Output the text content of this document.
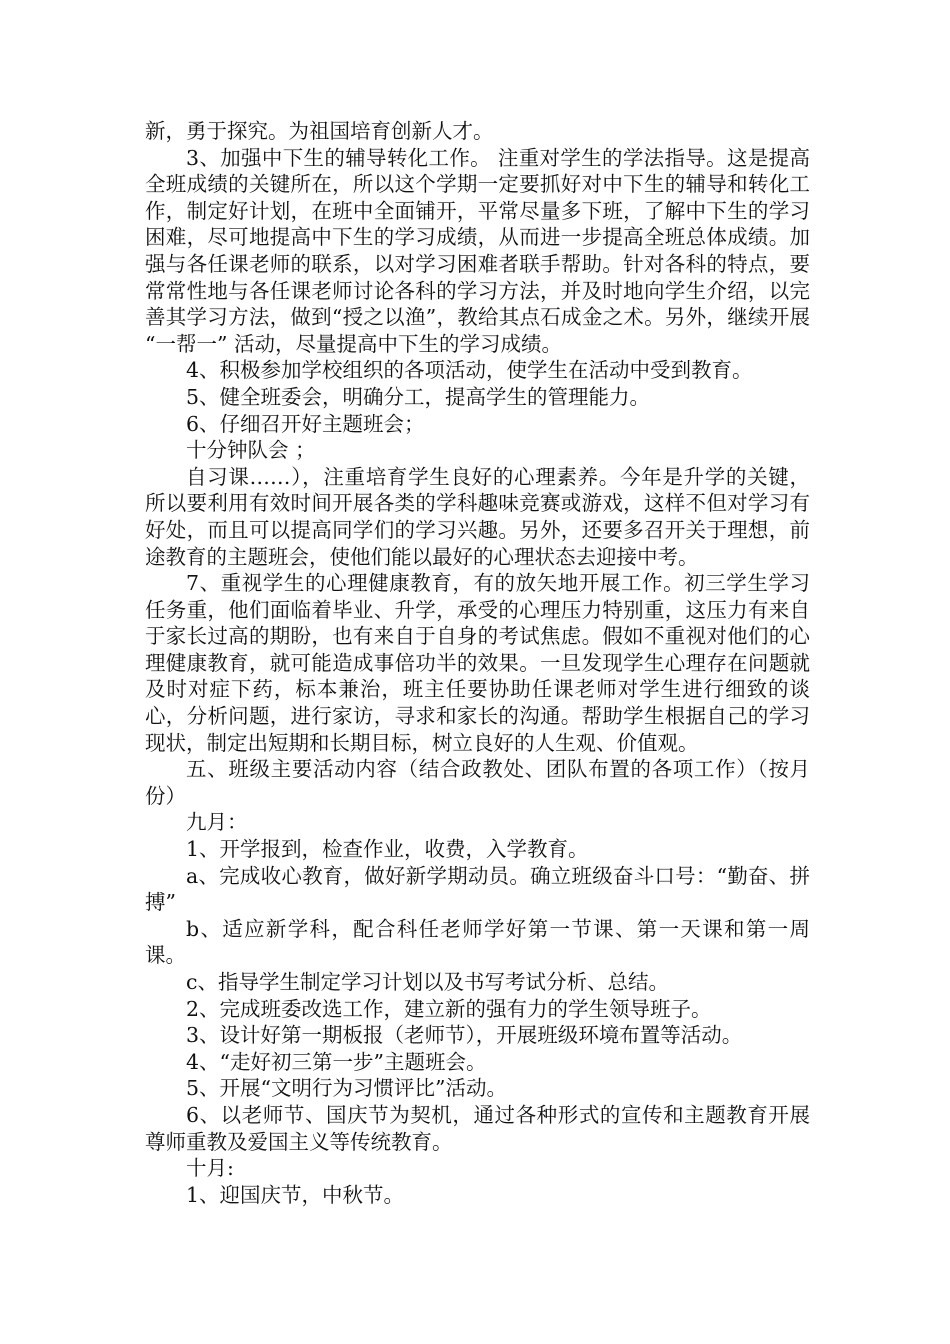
新，勇于探究。为祖国培育创新人才。

3、加强中下生的辅导转化工作。 注重对学生的学法指导。这是提高全班成绩的关键所在，所以这个学期一定要抓好对中下生的辅导和转化工作，制定好计划，在班中全面铺开，平常尽量多下班，了解中下生的学习困难，尽可地提高中下生的学习成绩，从而进一步提高全班总体成绩。加强与各任课老师的联系，以对学习困难者联手帮助。针对各科的特点，要常常性地与各任课老师讨论各科的学习方法，并及时地向学生介绍，以完善其学习方法，做到“授之以渔”，教给其点石成金之术。另外，继续开展 “一帮一” 活动，尽量提高中下生的学习成绩。

4、积极参加学校组织的各项活动，使学生在活动中受到教育。

5、健全班委会，明确分工，提高学生的管理能力。

6、仔细召开好主题班会；

十分钟队会 ；

自习课……），注重培育学生良好的心理素养。今年是升学的关键，所以要利用有效时间开展各类的学科趣味竞赛或游戏，这样不但对学习有好处，而且可以提高同学们的学习兴趣。另外，还要多召开关于理想，前途教育的主题班会，使他们能以最好的心理状态去迎接中考。

7、重视学生的心理健康教育，有的放矢地开展工作。初三学生学习任务重，他们面临着毕业、升学，承受的心理压力特别重，这压力有来自于家长过高的期盼，也有来自于自身的考试焦虑。假如不重视对他们的心理健康教育，就可能造成事倍功半的效果。一旦发现学生心理存在问题就及时对症下药，标本兼治，班主任要协助任课老师对学生进行细致的谈心，分析问题，进行家访，寻求和家长的沟通。帮助学生根据自己的学习现状，制定出短期和长期目标，树立良好的人生观、价值观。

五、班级主要活动内容（结合政教处、团队布置的各项工作）（按月份）

九月：

1、开学报到，检查作业，收费，入学教育。

a、完成收心教育，做好新学期动员。确立班级奋斗口号：“勤奋、拼搏”

b、适应新学科，配合科任老师学好第一节课、第一天课和第一周课。

c、指导学生制定学习计划以及书写考试分析、总结。

2、完成班委改选工作，建立新的强有力的学生领导班子。

3、设计好第一期板报（老师节），开展班级环境布置等活动。

4、“走好初三第一步”主题班会。

5、开展“文明行为习惯评比”活动。

6、以老师节、国庆节为契机，通过各种形式的宣传和主题教育开展尊师重教及爱国主义等传统教育。

十月:

1、迎国庆节，中秋节。
